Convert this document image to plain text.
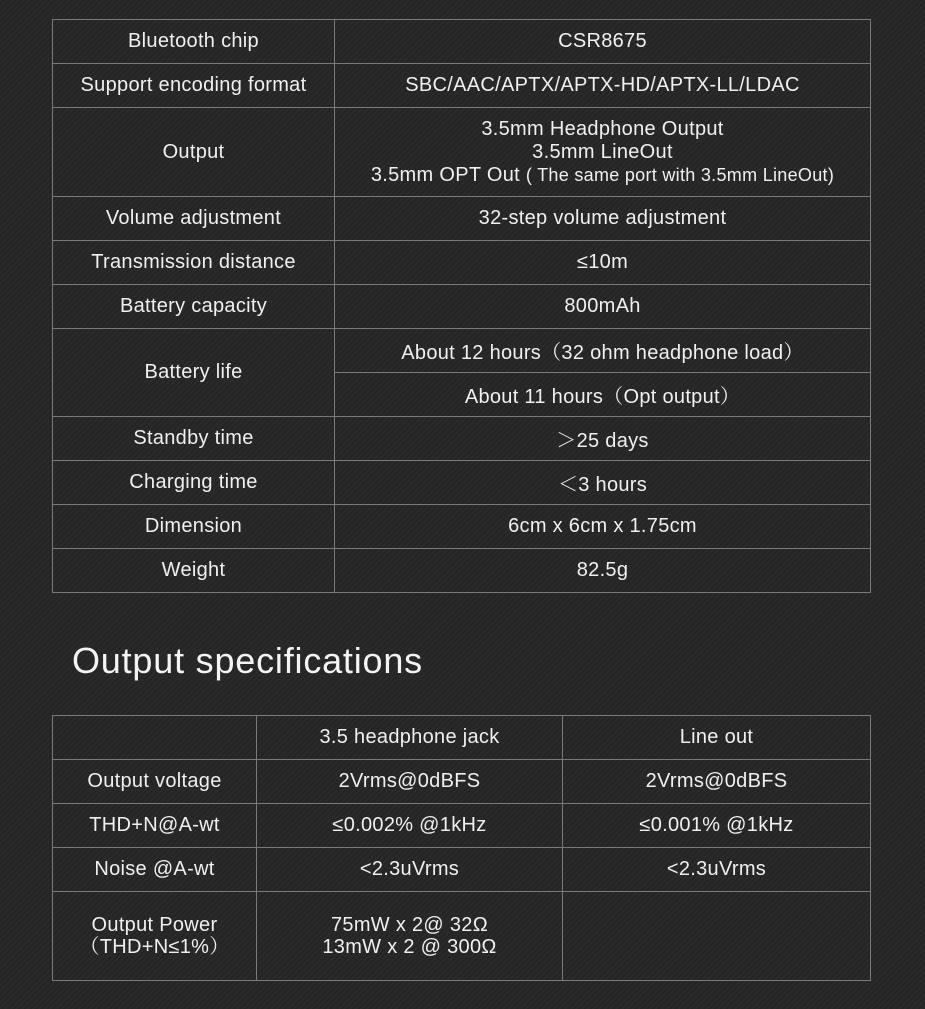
Bluetooth chip	CSR8675
Support encoding format	SBC/AAC/APTX/APTX-HD/APTX-LL/LDAC
Output	3.5mm Headphone Output
3.5mm LineOut
3.5mm OPT Out ( The same port with 3.5mm LineOut)

Volume adjustment	32-step volume adjustment
Transmission distance	≤10m
Battery capacity	800mAh
Battery life	About 12 hours（32 ohm headphone load）
	About 11 hours（Opt output）
Standby time	＞25 days
Charging time	＜3 hours
Dimension	6cm x 6cm x 1.75cm
Weight	82.5g
Output specifications
	3.5 headphone jack	Line out
Output voltage	2Vrms@0dBFS	2Vrms@0dBFS
THD+N@A-wt	≤0.002% @1kHz	≤0.001% @1kHz
Noise @A-wt	<2.3uVrms	<2.3uVrms

Output Power
（THD+N≤1%）	75mW x 2@ 32Ω
13mW x 2 @ 300Ω	
